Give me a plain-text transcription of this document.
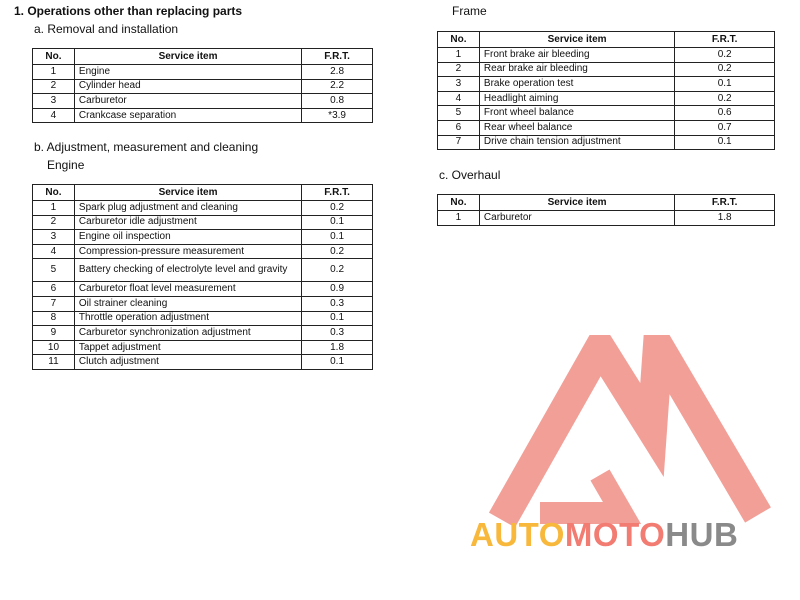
1. Operations other than replacing parts
a. Removal and installation
No.	Service item	F.R.T.
1	Engine	2.8
2	Cylinder head	2.2
3	Carburetor	0.8
4	Crankcase separation	*3.9
b. Adjustment, measurement and cleaning
Engine
No.	Service item	F.R.T.
1	Spark plug adjustment and cleaning	0.2
2	Carburetor idle adjustment	0.1
3	Engine oil inspection	0.1
4	Compression-pressure measurement	0.2
5	Battery checking of electrolyte level and gravity	0.2
6	Carburetor float level measurement	0.9
7	Oil strainer cleaning	0.3
8	Throttle operation adjustment	0.1
9	Carburetor synchronization adjustment	0.3
10	Tappet adjustment	1.8
11	Clutch adjustment	0.1
Frame
No.	Service item	F.R.T.
1	Front brake air bleeding	0.2
2	Rear brake air bleeding	0.2
3	Brake operation test	0.1
4	Headlight aiming	0.2
5	Front wheel balance	0.6
6	Rear wheel balance	0.7
7	Drive chain tension adjustment	0.1
c. Overhaul
No.	Service item	F.R.T.
1	Carburetor	1.8
AUTOMOTOHUB
